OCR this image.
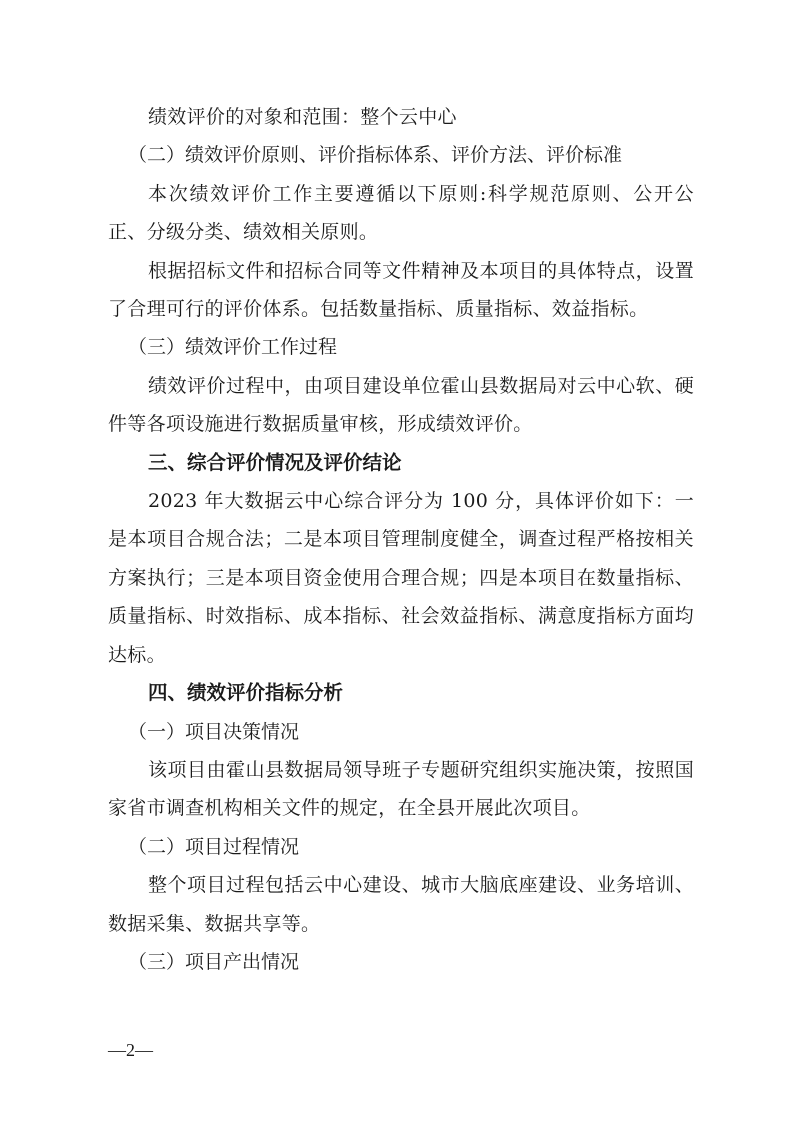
绩效评价的对象和范围：整个云中心

（二）绩效评价原则、评价指标体系、评价方法、评价标准

本次绩效评价工作主要遵循以下原则:科学规范原则、公开公正、分级分类、绩效相关原则。

根据招标文件和招标合同等文件精神及本项目的具体特点，设置了合理可行的评价体系。包括数量指标、质量指标、效益指标。

（三）绩效评价工作过程

绩效评价过程中，由项目建设单位霍山县数据局对云中心软、硬件等各项设施进行数据质量审核，形成绩效评价。

三、综合评价情况及评价结论

2023 年大数据云中心综合评分为 100 分，具体评价如下：一是本项目合规合法；二是本项目管理制度健全，调查过程严格按相关方案执行；三是本项目资金使用合理合规；四是本项目在数量指标、质量指标、时效指标、成本指标、社会效益指标、满意度指标方面均达标。

四、绩效评价指标分析

（一）项目决策情况

该项目由霍山县数据局领导班子专题研究组织实施决策，按照国家省市调查机构相关文件的规定，在全县开展此次项目。

（二）项目过程情况

整个项目过程包括云中心建设、城市大脑底座建设、业务培训、数据采集、数据共享等。

（三）项目产出情况

—2—
